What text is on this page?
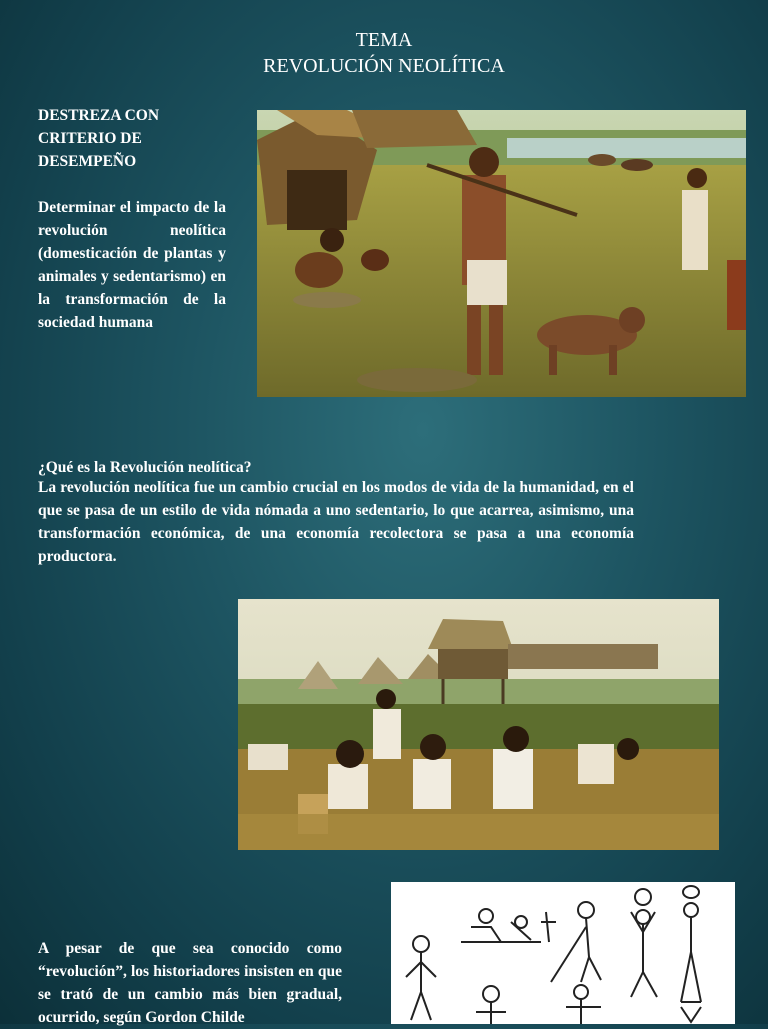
TEMA
REVOLUCIÓN NEOLÍTICA
DESTREZA CON CRITERIO DE DESEMPEÑO
Determinar el impacto de la revolución neolítica (domesticación de plantas y animales y sedentarismo) en la transformación de la sociedad humana
¿Qué es la Revolución neolítica?
La revolución neolítica fue un cambio crucial en los modos de vida de la humanidad, en el que se pasa de un estilo de vida nómada a uno sedentario, lo que acarrea, asimismo, una transformación económica, de una economía recolectora se pasa a una economía productora.
A pesar de que sea conocido como “revolución”, los historiadores insisten en que se trató de un cambio más bien gradual, ocurrido, según Gordon Childe
